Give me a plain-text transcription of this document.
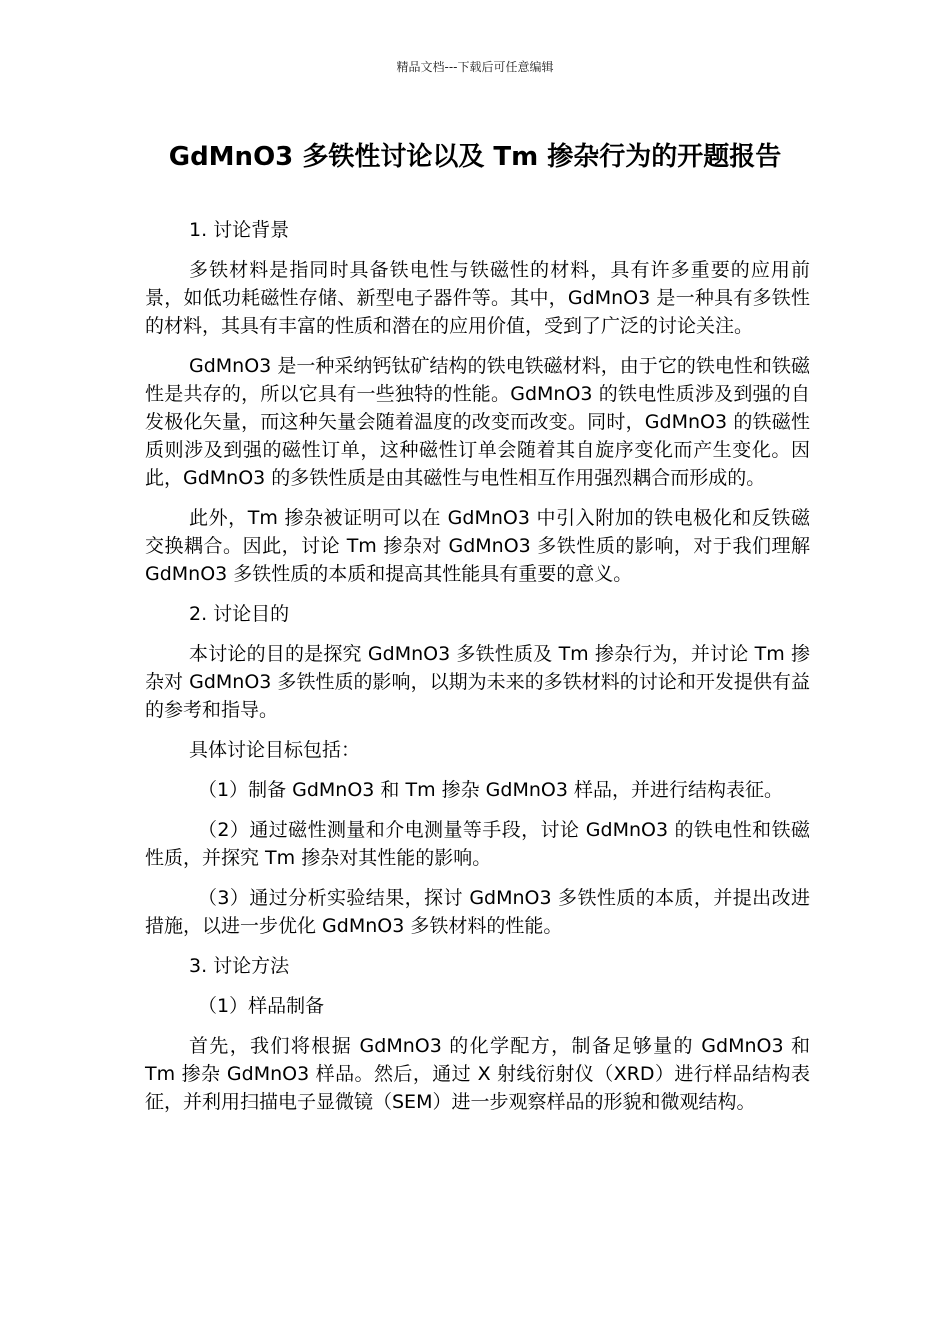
精品文档---下载后可任意编辑
GdMnO3 多铁性讨论以及 Tm 掺杂行为的开题报告

1. 讨论背景

多铁材料是指同时具备铁电性与铁磁性的材料，具有许多重要的应用前景，如低功耗磁性存储、新型电子器件等。其中，GdMnO3 是一种具有多铁性的材料，其具有丰富的性质和潜在的应用价值，受到了广泛的讨论关注。

GdMnO3 是一种采纳钙钛矿结构的铁电铁磁材料，由于它的铁电性和铁磁性是共存的，所以它具有一些独特的性能。GdMnO3 的铁电性质涉及到强的自发极化矢量，而这种矢量会随着温度的改变而改变。同时，GdMnO3 的铁磁性质则涉及到强的磁性订单，这种磁性订单会随着其自旋序变化而产生变化。因此，GdMnO3 的多铁性质是由其磁性与电性相互作用强烈耦合而形成的。

此外，Tm 掺杂被证明可以在 GdMnO3 中引入附加的铁电极化和反铁磁交换耦合。因此，讨论 Tm 掺杂对 GdMnO3 多铁性质的影响，对于我们理解 GdMnO3 多铁性质的本质和提高其性能具有重要的意义。

2. 讨论目的

本讨论的目的是探究 GdMnO3 多铁性质及 Tm 掺杂行为，并讨论 Tm 掺杂对 GdMnO3 多铁性质的影响，以期为未来的多铁材料的讨论和开发提供有益的参考和指导。

具体讨论目标包括：

（1）制备 GdMnO3 和 Tm 掺杂 GdMnO3 样品，并进行结构表征。

（2）通过磁性测量和介电测量等手段，讨论 GdMnO3 的铁电性和铁磁性质，并探究 Tm 掺杂对其性能的影响。

（3）通过分析实验结果，探讨 GdMnO3 多铁性质的本质，并提出改进措施，以进一步优化 GdMnO3 多铁材料的性能。

3. 讨论方法

（1）样品制备

首先，我们将根据 GdMnO3 的化学配方，制备足够量的 GdMnO3 和 Tm 掺杂 GdMnO3 样品。然后，通过 X 射线衍射仪（XRD）进行样品结构表征，并利用扫描电子显微镜（SEM）进一步观察样品的形貌和微观结构。
